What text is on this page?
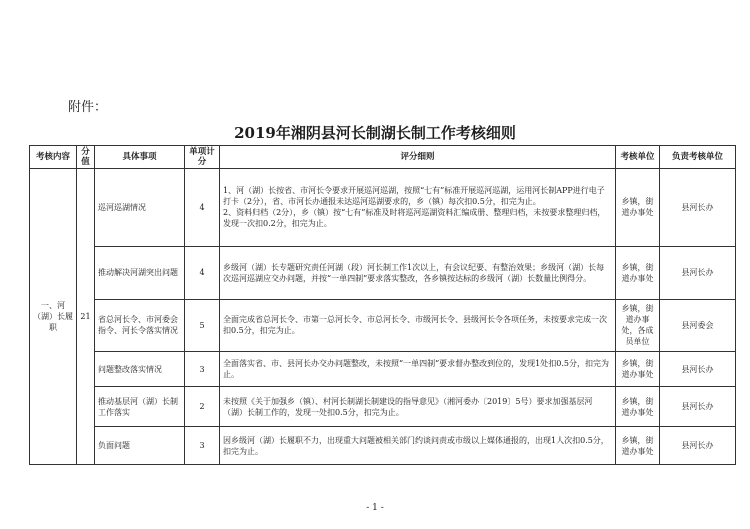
附件：
2019年湘阴县河长制湖长制工作考核细则
考核内容	分值	具体事项	单项计分	评分细则	考核单位	负责考核单位
一、河（湖）长履职	21	巡河巡湖情况	4	1、河（湖）长按省、市河长令要求开展巡河巡湖，按照“七有”标准开展巡河巡湖，运用河长制APP进行电子打卡（2分），省、市河长办通报未达巡河巡湖要求的，乡（镇）每次扣0.5分，扣完为止。

2、资料归档（2分），乡（镇）按“七有”标准及时将巡河巡湖资料汇编成册、整理归档，未按要求整理归档，发现一次扣0.2分，扣完为止。	乡镇，街道办事处	县河长办
		推动解决河湖突出问题	4	乡级河（湖）长专题研究责任河湖（段）河长制工作1次以上，有会议纪要、有整治效果；乡级河（湖）长每次巡河巡湖应交办问题，并按“一单四制”要求落实整改，各乡镇按达标的乡级河（湖）长数量比例得分。	乡镇，街道办事处	县河长办
		省总河长令、市河委会指令、河长令落实情况	5	全面完成省总河长令、市第一总河长令、市总河长令、市级河长令、县级河长令各项任务，未按要求完成一次扣0.5分，扣完为止。	乡镇，街道办事处，各成员单位	县河委会
		问题整改落实情况	3	全面落实省、市、县河长办交办问题整改，未按照“一单四制”要求督办整改到位的，发现1处扣0.5分，扣完为止。	乡镇，街道办事处	县河长办
		推动基层河（湖）长制工作落实	2	未按照《关于加强乡（镇）、村河长制湖长制建设的指导意见》（湘河委办〔2019〕5号）要求加强基层河（湖）长制工作的，发现一处扣0.5分，扣完为止。	乡镇，街道办事处	县河长办
		负面问题	3	因乡级河（湖）长履职不力，出现重大问题被相关部门约谈问责或市级以上媒体通报的，出现1人次扣0.5分，扣完为止。	乡镇，街道办事处	县河长办
- 1 -
